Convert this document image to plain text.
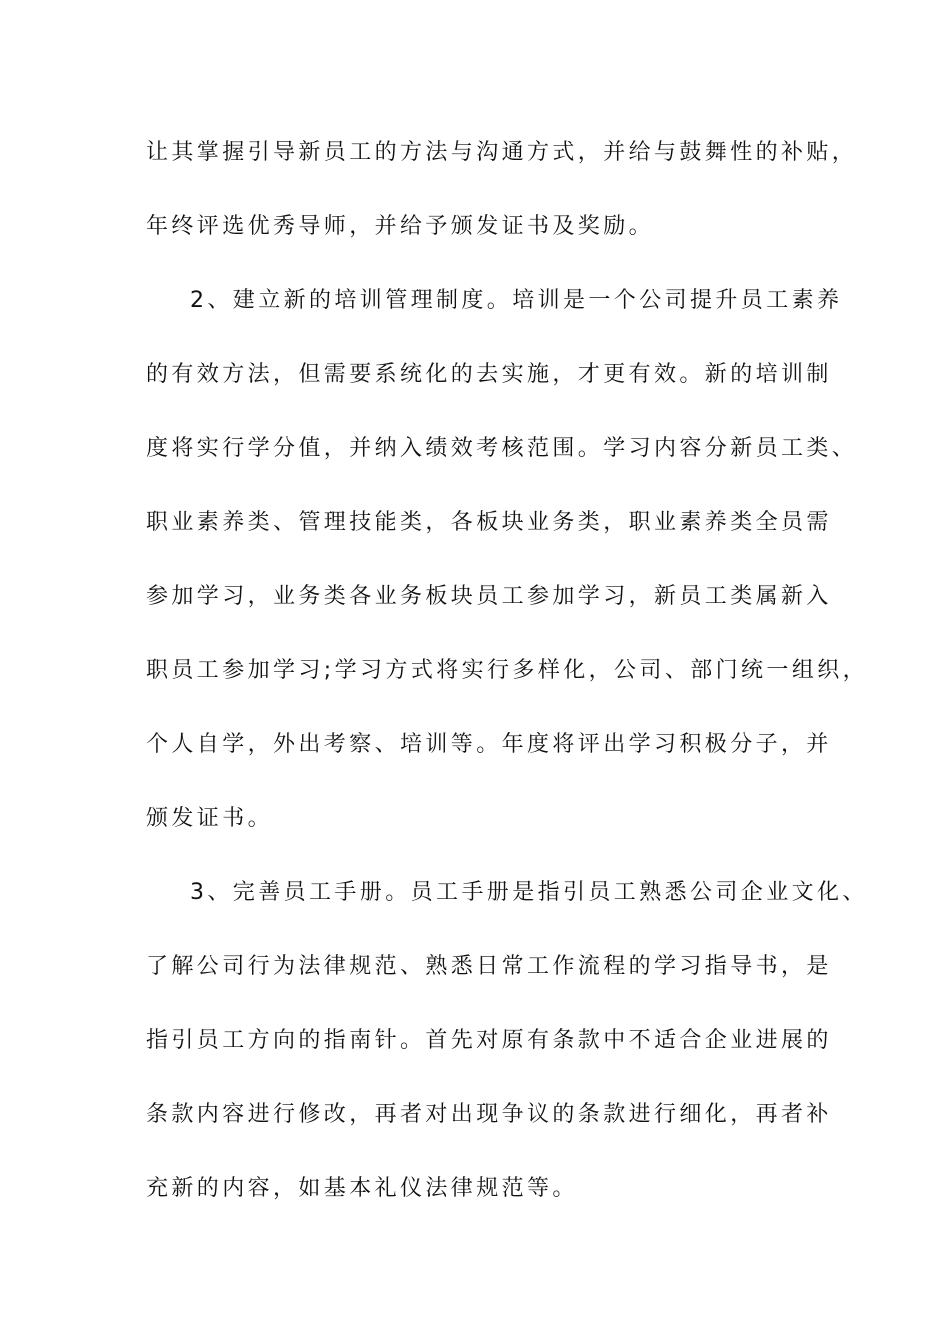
让其掌握引导新员工的方法与沟通方式，并给与鼓舞性的补贴，
年终评选优秀导师，并给予颁发证书及奖励。
2、建立新的培训管理制度。培训是一个公司提升员工素养
的有效方法，但需要系统化的去实施，才更有效。新的培训制
度将实行学分值，并纳入绩效考核范围。学习内容分新员工类、
职业素养类、管理技能类，各板块业务类，职业素养类全员需
参加学习，业务类各业务板块员工参加学习，新员工类属新入
职员工参加学习;学习方式将实行多样化，公司、部门统一组织，
个人自学，外出考察、培训等。年度将评出学习积极分子，并
颁发证书。
3、完善员工手册。员工手册是指引员工熟悉公司企业文化、
了解公司行为法律规范、熟悉日常工作流程的学习指导书，是
指引员工方向的指南针。首先对原有条款中不适合企业进展的
条款内容进行修改，再者对出现争议的条款进行细化，再者补
充新的内容，如基本礼仪法律规范等。
